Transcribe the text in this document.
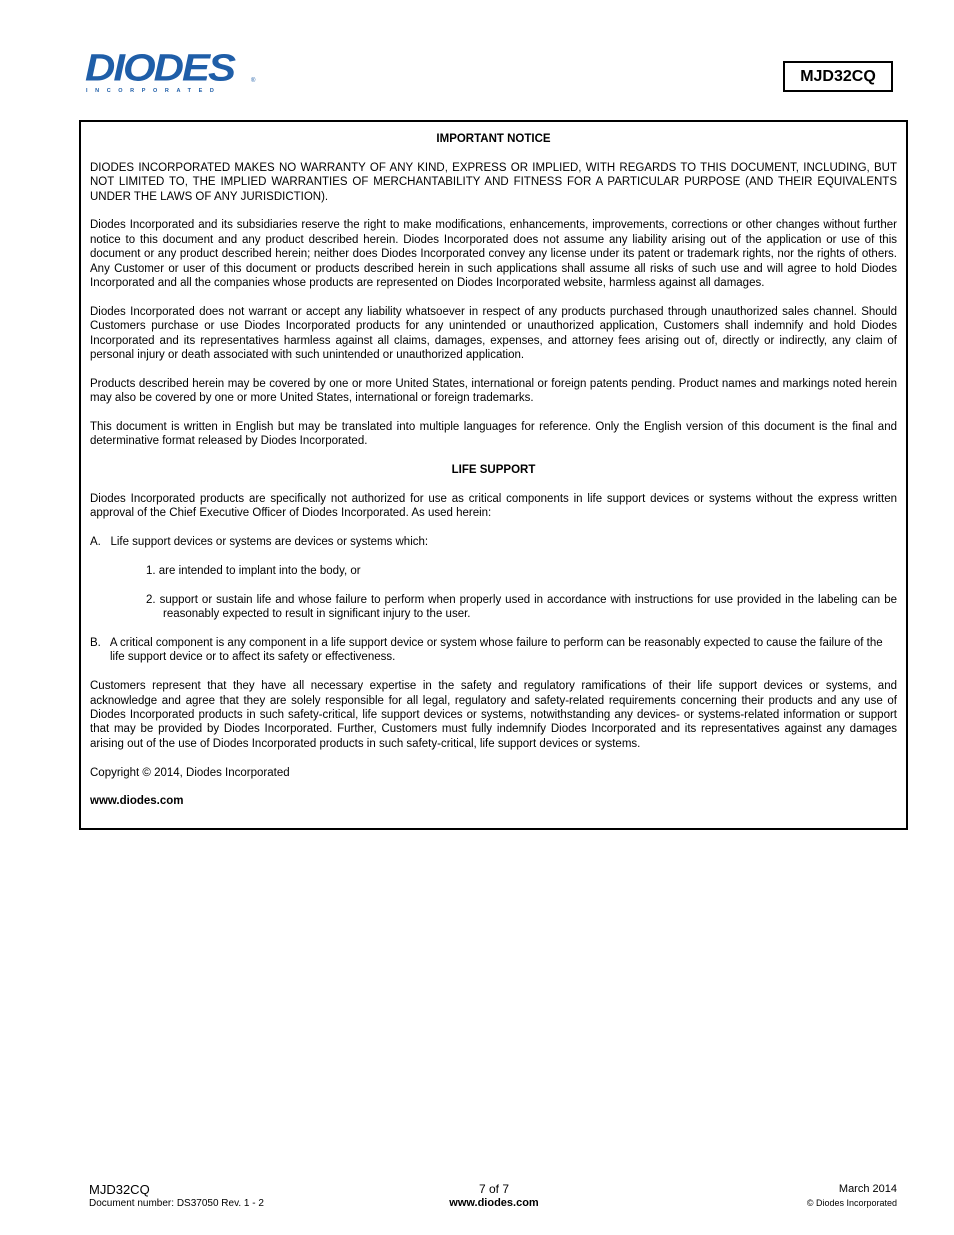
DIODES	®
INCORPORATED
MJD32CQ
IMPORTANT NOTICE

DIODES INCORPORATED MAKES NO WARRANTY OF ANY KIND, EXPRESS OR IMPLIED, WITH REGARDS TO THIS DOCUMENT, INCLUDING, BUT NOT LIMITED TO, THE IMPLIED WARRANTIES OF MERCHANTABILITY AND FITNESS FOR A PARTICULAR PURPOSE (AND THEIR EQUIVALENTS UNDER THE LAWS OF ANY JURISDICTION).

Diodes Incorporated and its subsidiaries reserve the right to make modifications, enhancements, improvements, corrections or other changes without further notice to this document and any product described herein. Diodes Incorporated does not assume any liability arising out of the application or use of this document or any product described herein; neither does Diodes Incorporated convey any license under its patent or trademark rights, nor the rights of others. Any Customer or user of this document or products described herein in such applications shall assume all risks of such use and will agree to hold Diodes Incorporated and all the companies whose products are represented on Diodes Incorporated website, harmless against all damages.

Diodes Incorporated does not warrant or accept any liability whatsoever in respect of any products purchased through unauthorized sales channel. Should Customers purchase or use Diodes Incorporated products for any unintended or unauthorized application, Customers shall indemnify and hold Diodes Incorporated and its representatives harmless against all claims, damages, expenses, and attorney fees arising out of, directly or indirectly, any claim of personal injury or death associated with such unintended or unauthorized application.

Products described herein may be covered by one or more United States, international or foreign patents pending. Product names and markings noted herein may also be covered by one or more United States, international or foreign trademarks.

This document is written in English but may be translated into multiple languages for reference. Only the English version of this document is the final and determinative format released by Diodes Incorporated.

LIFE SUPPORT

Diodes Incorporated products are specifically not authorized for use as critical components in life support devices or systems without the express written approval of the Chief Executive Officer of Diodes Incorporated. As used herein:

A.   Life support devices or systems are devices or systems which:

1. are intended to implant into the body, or

2. support or sustain life and whose failure to perform when properly used in accordance with instructions for use provided in the labeling can be reasonably expected to result in significant injury to the user.

B.   A critical component is any component in a life support device or system whose failure to perform can be reasonably expected to cause the failure of the life support device or to affect its safety or effectiveness.

Customers represent that they have all necessary expertise in the safety and regulatory ramifications of their life support devices or systems, and acknowledge and agree that they are solely responsible for all legal, regulatory and safety-related requirements concerning their products and any use of Diodes Incorporated products in such safety-critical, life support devices or systems, notwithstanding any devices- or systems-related information or support that may be provided by Diodes Incorporated. Further, Customers must fully indemnify Diodes Incorporated and its representatives against any damages arising out of the use of Diodes Incorporated products in such safety-critical, life support devices or systems.

Copyright © 2014, Diodes Incorporated

www.diodes.com

MJD32CQ
Document number: DS37050 Rev. 1 - 2
7 of 7
www.diodes.com
March 2014
© Diodes Incorporated
